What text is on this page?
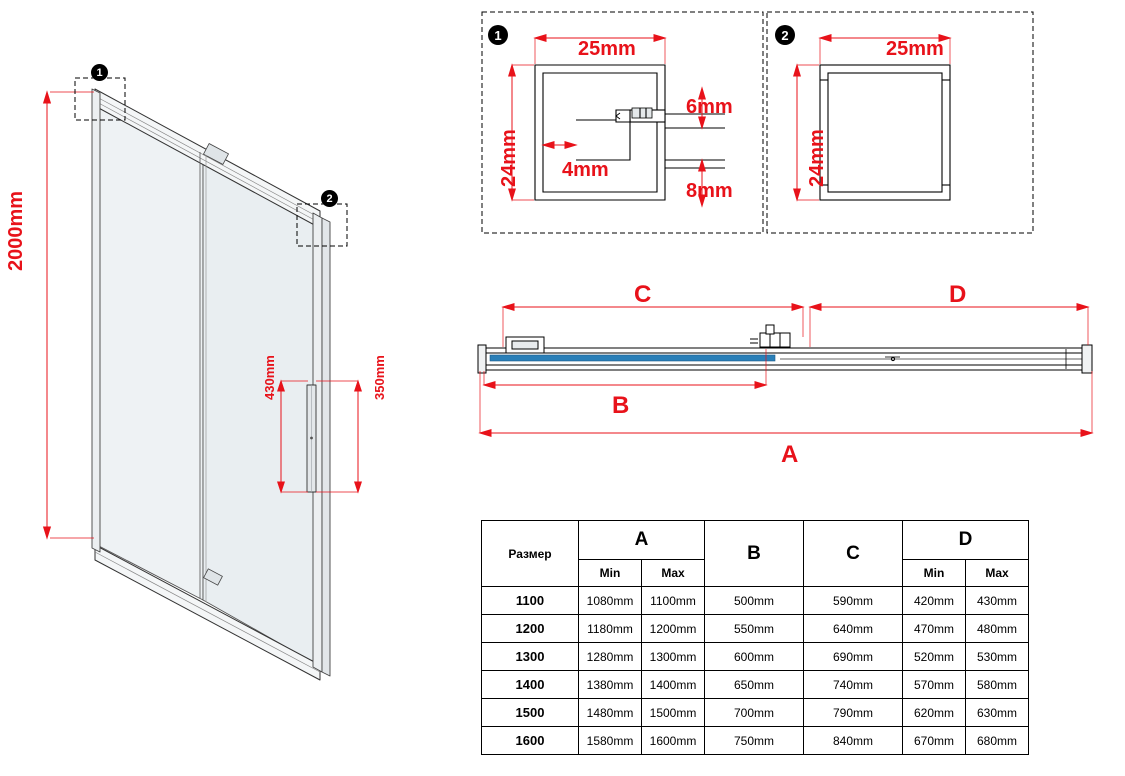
1
2
2000mm
430mm	350mm
1
25mm
24mm 4mm
6mm
8mm
2
25mm
24mm
C	D
B
A
Размер	A		B	C	D	
	Min	Max			Min	Max
1100	1080mm	1100mm	500mm	590mm	420mm	430mm
1200	1180mm	1200mm	550mm	640mm	470mm	480mm
1300	1280mm	1300mm	600mm	690mm	520mm	530mm
1400	1380mm	1400mm	650mm	740mm	570mm	580mm
1500	1480mm	1500mm	700mm	790mm	620mm	630mm
1600	1580mm	1600mm	750mm	840mm	670mm	680mm
